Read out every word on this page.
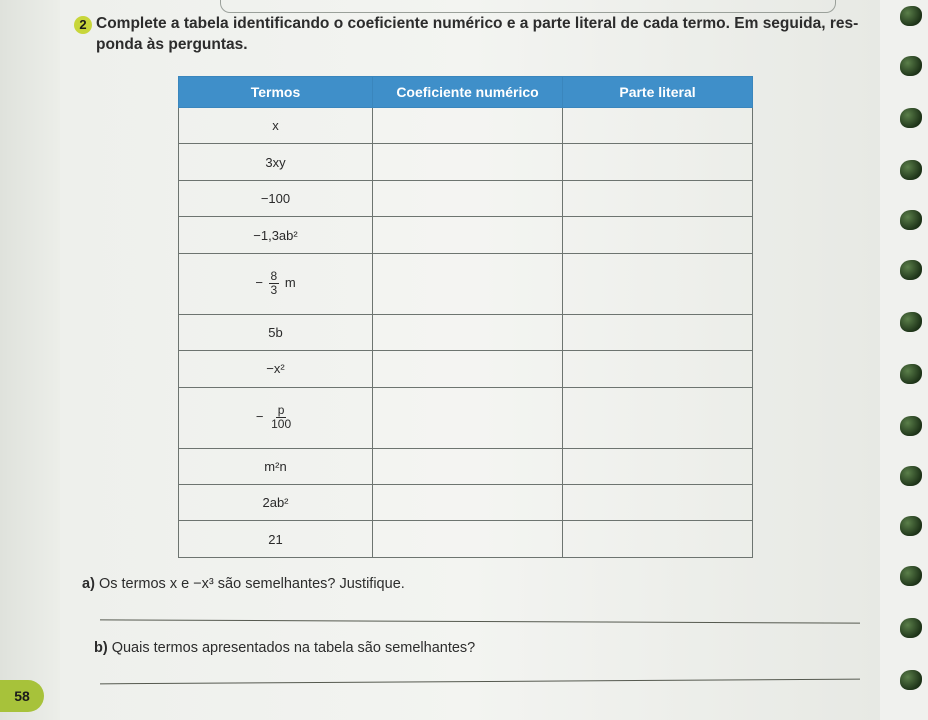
2 Complete a tabela identificando o coeficiente numérico e a parte literal de cada termo. Em seguida, res-
ponda às perguntas.
Termos	Coeficiente numérico	Parte literal
x		
3xy		
−100		
−1,3ab²		
− $\frac{8}{3}$ m		
5b		
−x²		
− $\frac{p}{100}$

m²n		
2ab²		
21		
a) Os termos x e −x³ são semelhantes? Justifique.
b) Quais termos apresentados na tabela são semelhantes?
58
